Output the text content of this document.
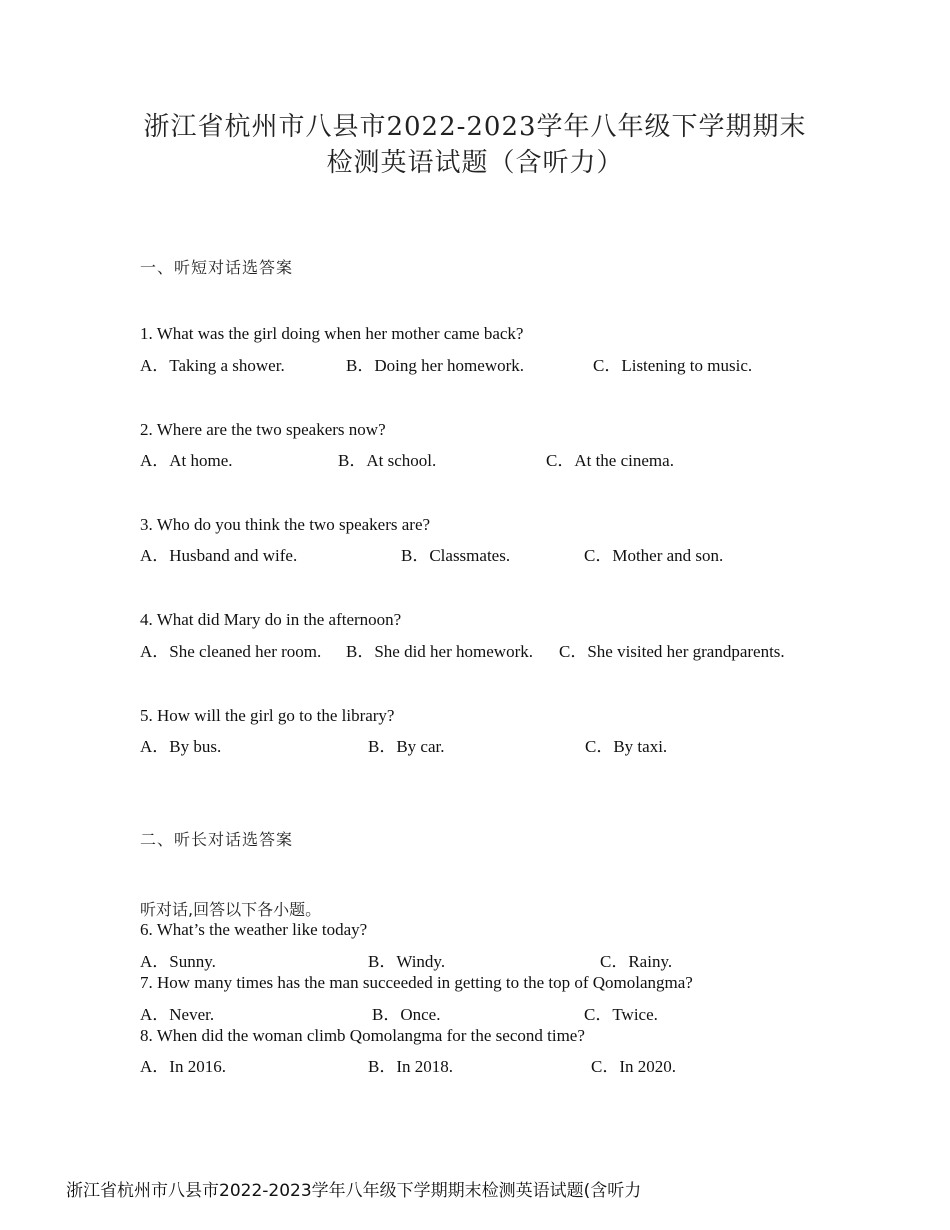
浙江省杭州市八县市2022-2023学年八年级下学期期末
检测英语试题（含听力）
一、听短对话选答案
1. What was the girl doing when her mother came back?
A．Taking a shower.	B．Doing her homework.	C．Listening to music.
2. Where are the two speakers now?
A．At home.	B．At school.	C．At the cinema.
3. Who do you think the two speakers are?
A．Husband and wife.	B．Classmates.	C．Mother and son.
4. What did Mary do in the afternoon?
A．She cleaned her room. B．She did her homework. C．She visited her grandparents.
5. How will the girl go to the library?
A．By bus.	B．By car.	C．By taxi.
二、听长对话选答案
听对话,回答以下各小题。
6. What’s the weather like today?
A．Sunny.	B．Windy.	C．Rainy.
7. How many times has the man succeeded in getting to the top of Qomolangma?
A．Never.	B．Once.	C．Twice.
8. When did the woman climb Qomolangma for the second time?
A．In 2016.	B．In 2018.	C．In 2020.
浙江省杭州市八县市2022-2023学年八年级下学期期末检测英语试题(含听力
